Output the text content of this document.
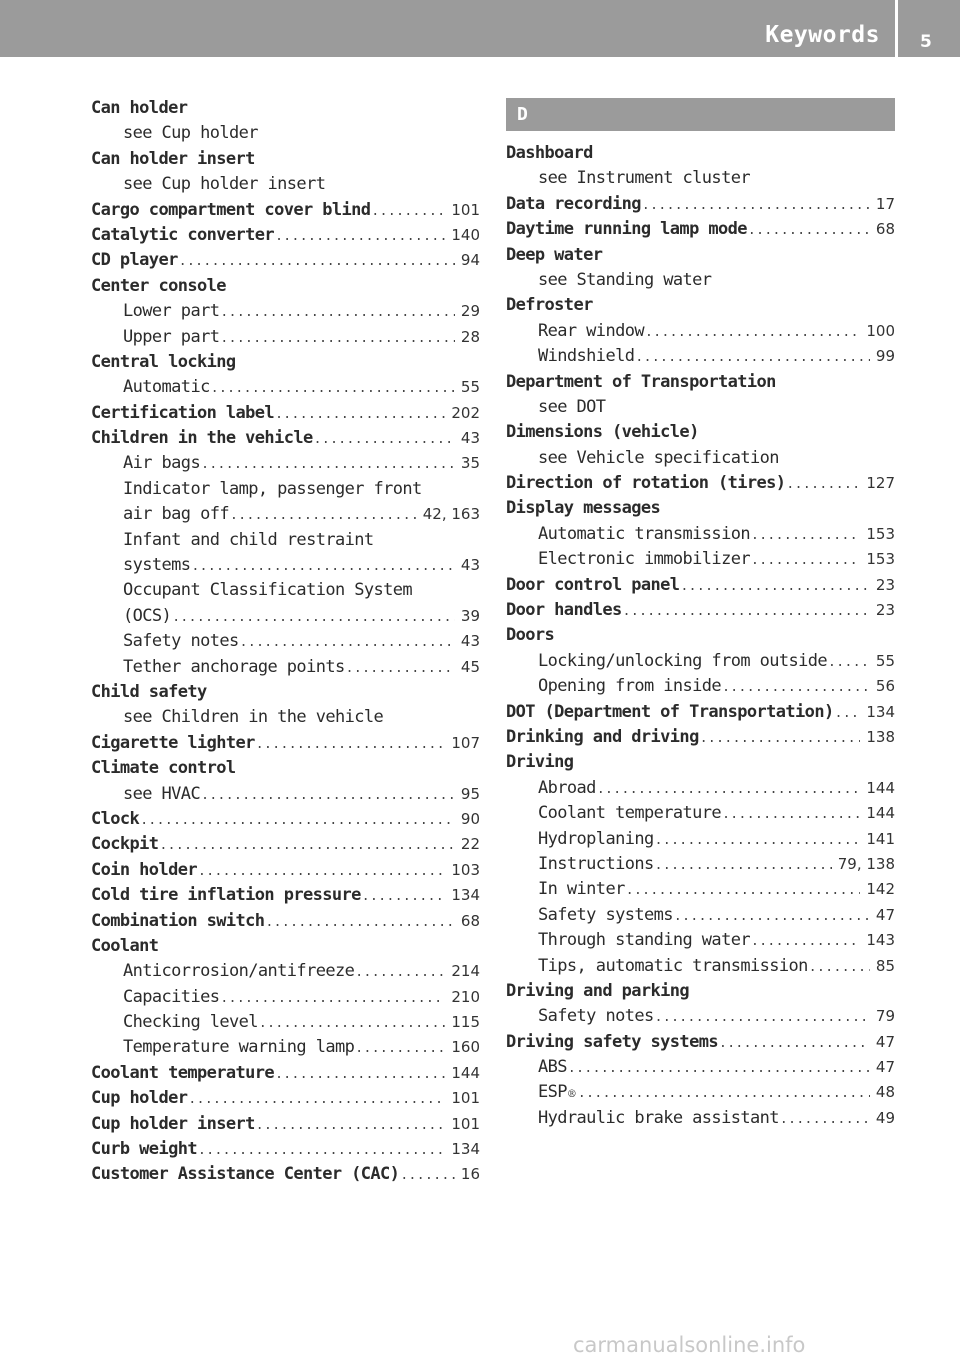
Keywords 5
Can holder
see Cup holder
Can holder insert
see Cup holder insert
Cargo compartment cover blind .....	101
Catalytic converter .....	140
CD player .....	94
Center console
Lower part .....	29
Upper part .....	28
Central locking
Automatic .....	55
Certification label .....	202
Children in the vehicle .....	43
Air bags .....	35
Indicator lamp, passenger front
air bag off .....	42, 163
Infant and child restraint
systems .....	43
Occupant Classification System
(OCS) .....	39
Safety notes .....	43
Tether anchorage points .....	45
Child safety
see Children in the vehicle
Cigarette lighter .....	107
Climate control
see HVAC .....	95
Clock .....	90
Cockpit .....	22
Coin holder .....	103
Cold tire inflation pressure .....	134
Combination switch .....	68
Coolant
Anticorrosion/antifreeze .....	214
Capacities .....	210
Checking level .....	115
Temperature warning lamp .....	160
Coolant temperature .....	144
Cup holder .....	101
Cup holder insert .....	101
Curb weight .....	134
Customer Assistance Center (CAC) .....	16
D
Dashboard
see Instrument cluster
Data recording .....	17
Daytime running lamp mode .....	68
Deep water
see Standing water
Defroster
Rear window .....	100
Windshield .....	99
Department of Transportation
see DOT
Dimensions (vehicle)
see Vehicle specification
Direction of rotation (tires) .....	127
Display messages
Automatic transmission .....	153
Electronic immobilizer .....	153
Door control panel .....	23
Door handles .....	23
Doors
Locking/unlocking from outside .....	55
Opening from inside .....	56
DOT (Department of Transportation) ..... 134
Drinking and driving .....	138
Driving
Abroad .....	144
Coolant temperature .....	144
Hydroplaning .....	141
Instructions .....	79, 138
In winter .....	142
Safety systems .....	47
Through standing water .....	143
Tips, automatic transmission .....	85
Driving and parking
Safety notes .....	79
Driving safety systems .....	47
ABS .....	47
ESP ® .....	48
Hydraulic brake assistant .....	49
carmanualsonline.info
